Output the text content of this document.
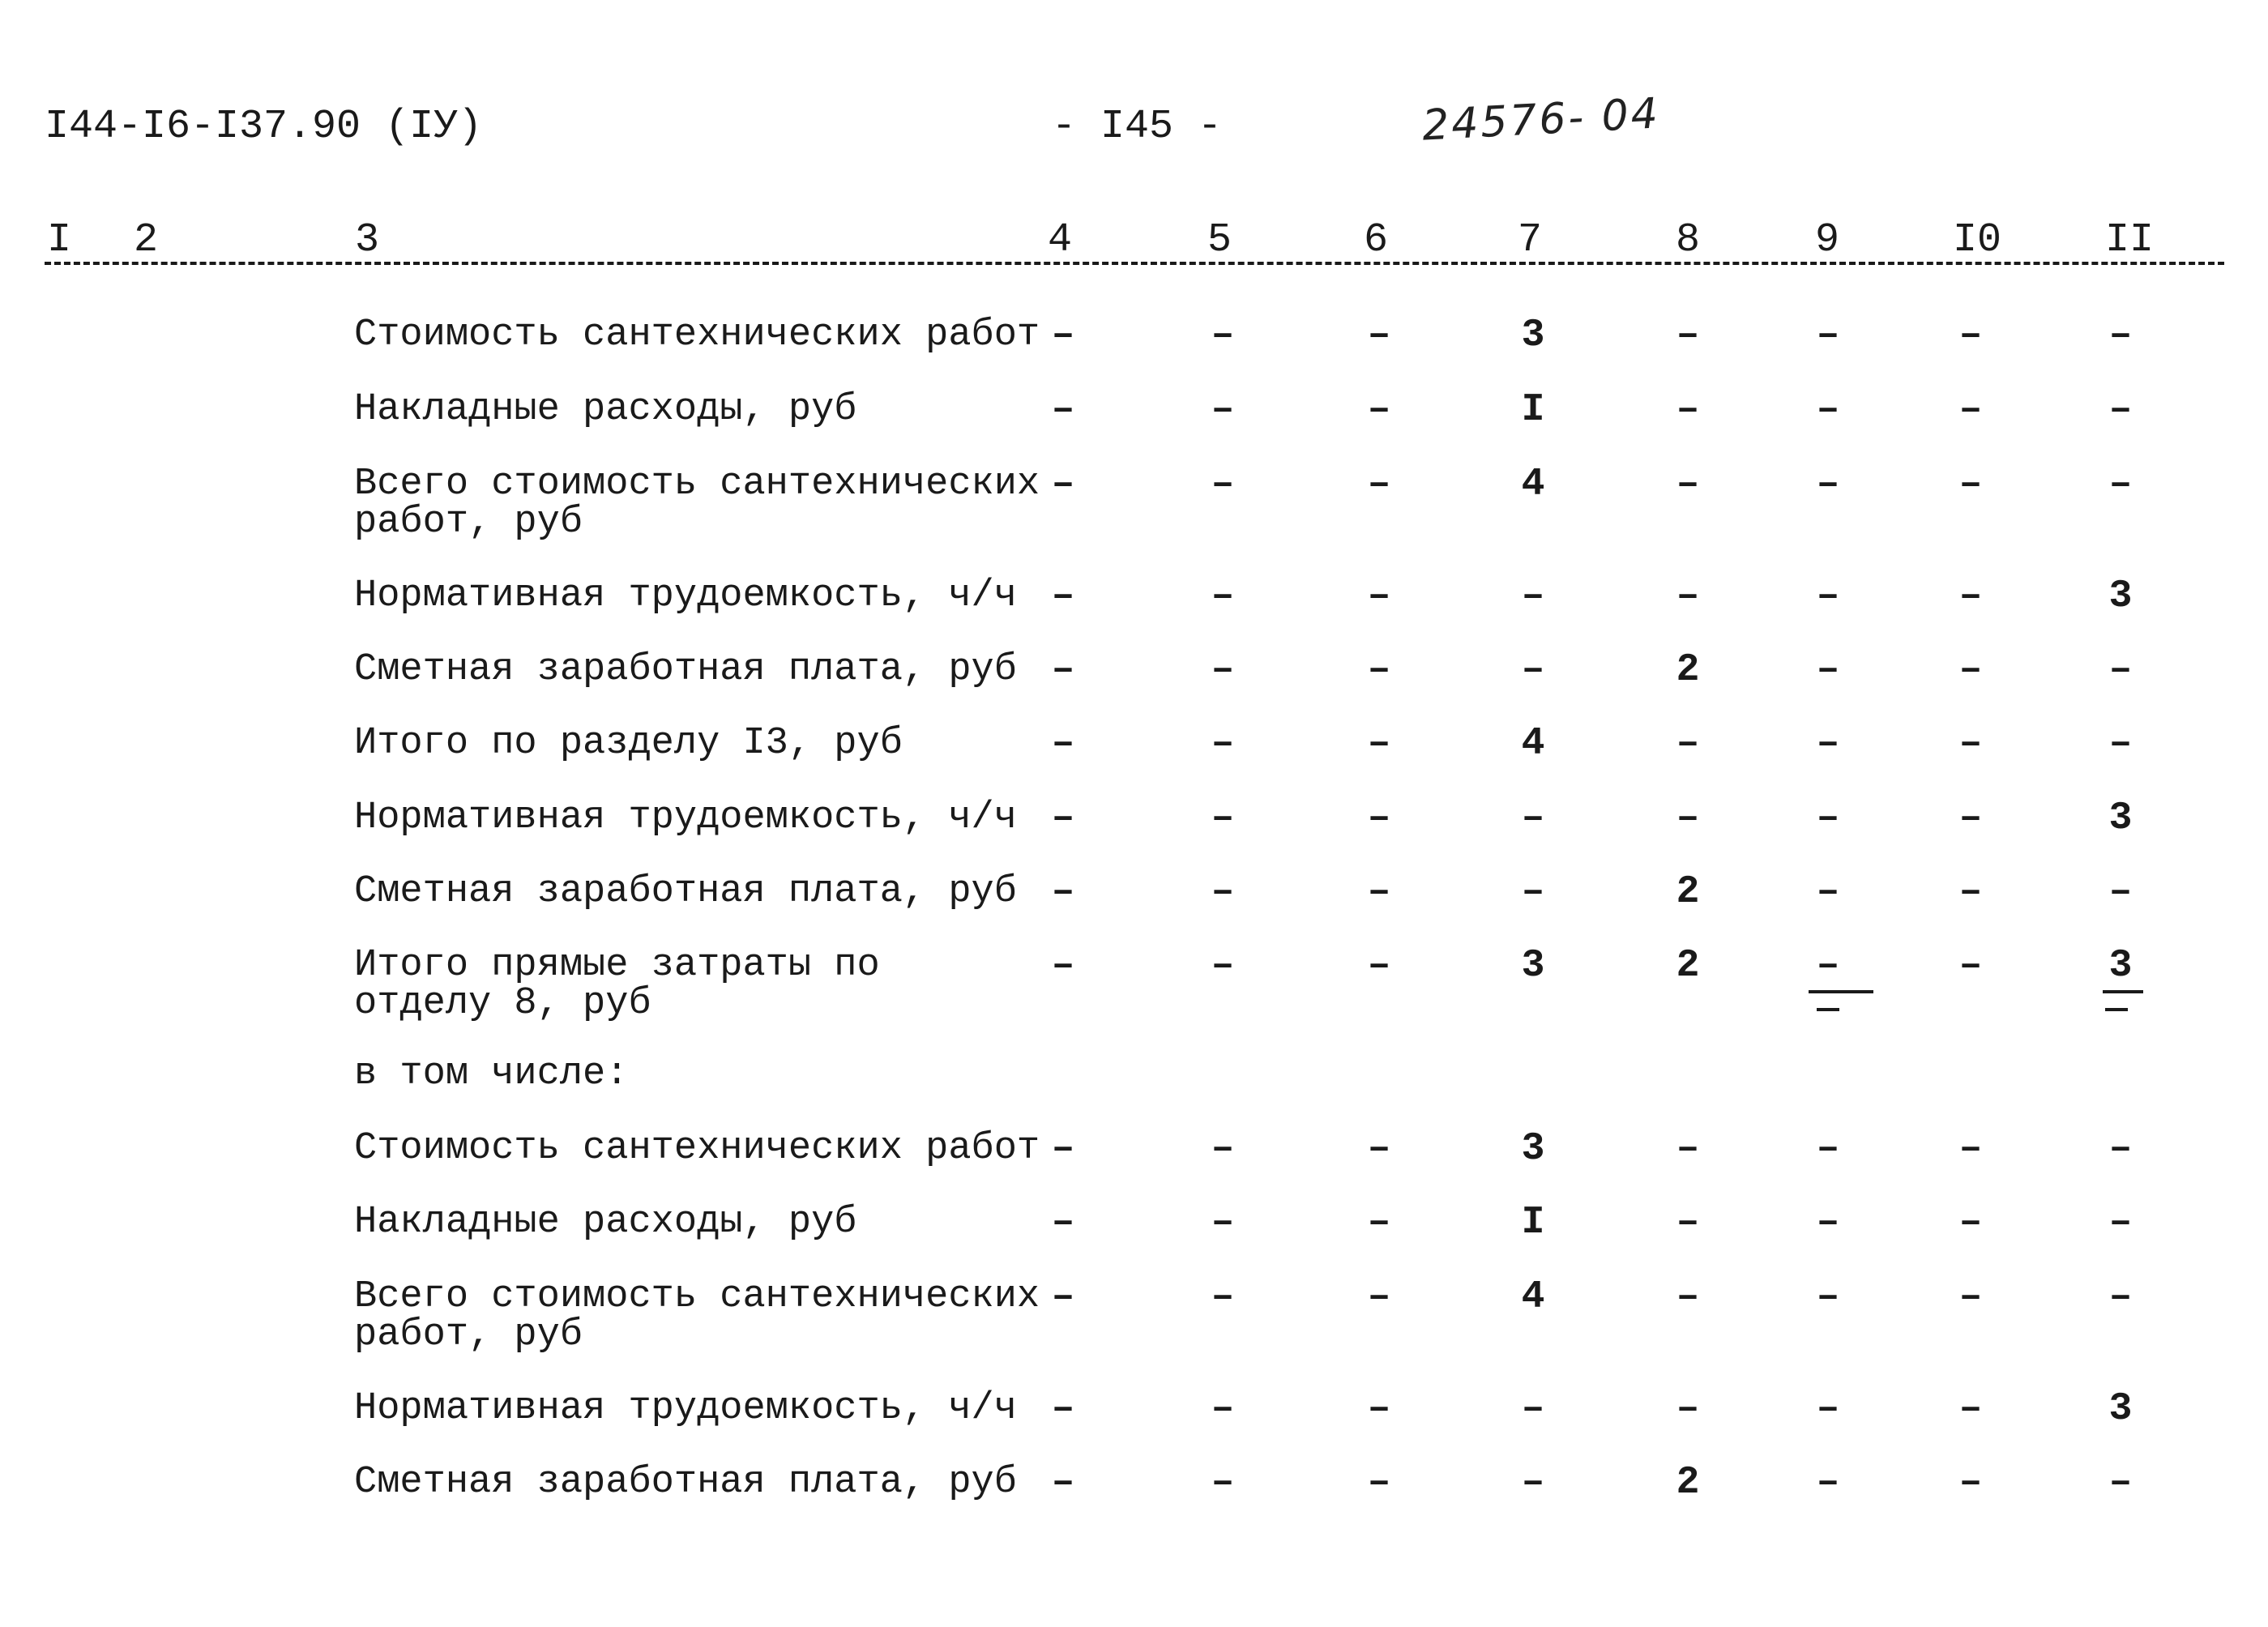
I44-I6-I37.90 (IУ)	- I45 -	24576- 04
I 2	3	4	5	6	7	8	9	I0	II
Стоимость сантехнических работ –	–	–	3	–	–	–	–
Накладные расходы, руб	–	–	–	I	–	–	–	–
Всего стоимость сантехнических
работ, руб
–	–	–	4	–	–	–	–
Нормативная трудоемкость, ч/ч –	–	–	–	–	–	–	3
Сметная заработная плата, руб –	–	–	–	2	–	–	–
Итого по разделу I3, руб	–	–	–	4	–	–	–	–
Нормативная трудоемкость, ч/ч –	–	–	–	–	–	–	3
Сметная заработная плата, руб –	–	–	–	2	–	–	–
Итого прямые затраты по
отделу 8, руб
–	–	–	3	2	–	–	3
в том числе:
Стоимость сантехнических работ –	–	–	3	–	–	–	–
Накладные расходы, руб	–	–	–	I	–	–	–	–
Всего стоимость сантехнических
работ, руб
–	–	–	4	–	–	–	–
Нормативная трудоемкость, ч/ч –	–	–	–	–	–	–	3
Сметная заработная плата, руб –	–	–	–	2	–	–	–
